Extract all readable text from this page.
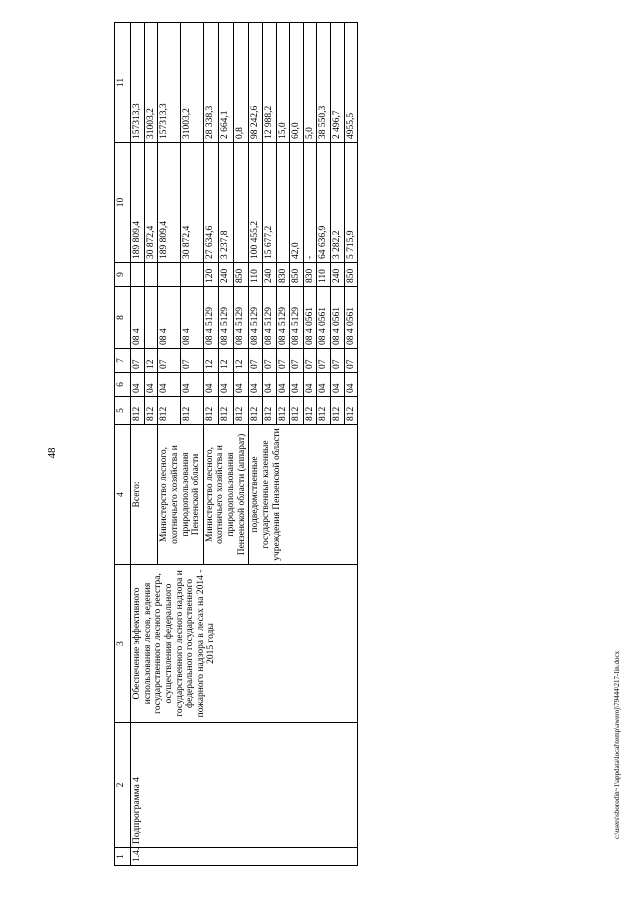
48
c:\users\sborodin~1\appdata\local\temp\aweroj\79444\217-lin.docx
1	2	3	4	5	6	7	8	9	10	11
1.4.	Подпрограмма 4	Обеспечение эффективного использования лесов, ведения государственного лесного реестра, осуществления федерального государственного лесного надзора и федерального государственного пожарного надзора в лесах на 2014 - 2015 годы	Всего:	812	04	07	08 4		189 809,4	157313,3
				812	04	12			30 872,4	31003,2
			Министерство лесного, охотничьего хозяйства и природопользования Пензенской области	812	04	07	08 4		189 809,4	157313,3
				812	04	07	08 4		30 872,4	31003,2
			Министерство лесного, охотничьего хозяйства и природопользования Пензенской области (аппарат)	812	04	12	08 4 5129	120	27 634,6	28 338,3
				812	04	12	08 4 5129	240	3 237,8	2 664,1
				812	04	12	08 4 5129	850		0,8
			подведомственные государственные казенные учреждения Пензенской области	812	04	07	08 4 5129	110	100 455,2	98 242,6
				812	04	07	08 4 5129	240	15 677,2	12 988,2
				812	04	07	08 4 5129	830		15,0
				812	04	07	08 4 5129	850	42,0	60,0
				812	04	07	08 4 0561	830	-	5,0
				812	04	07	08 4 0561	110	64 636,9	38 550,3
				812	04	07	08 4 0561	240	3 282,2	2 496,7
				812	04	07	08 4 0561	850	5 715,9	4955,5
